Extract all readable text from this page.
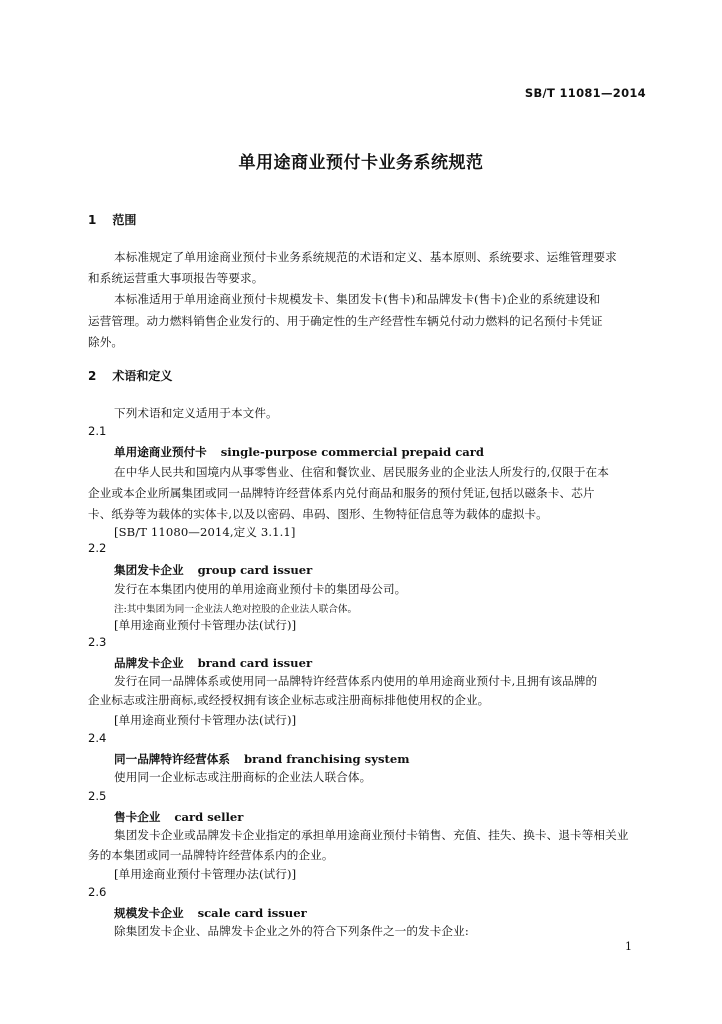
SB/T 11081—2014
单用途商业预付卡业务系统规范
1 范围
本标准规定了单用途商业预付卡业务系统规范的术语和定义、基本原则、系统要求、运维管理要求
和系统运营重大事项报告等要求。
本标准适用于单用途商业预付卡规模发卡、集团发卡(售卡)和品牌发卡(售卡)企业的系统建设和
运营管理。动力燃料销售企业发行的、用于确定性的生产经营性车辆兑付动力燃料的记名预付卡凭证
除外。
2 术语和定义
下列术语和定义适用于本文件。
2.1
单用途商业预付卡 single-purpose commercial prepaid card
在中华人民共和国境内从事零售业、住宿和餐饮业、居民服务业的企业法人所发行的,仅限于在本
企业或本企业所属集团或同一品牌特许经营体系内兑付商品和服务的预付凭证,包括以磁条卡、芯片
卡、纸券等为载体的实体卡,以及以密码、串码、图形、生物特征信息等为载体的虚拟卡。
[SB/T 11080—2014,定义 3.1.1]
2.2
集团发卡企业 group card issuer
发行在本集团内使用的单用途商业预付卡的集团母公司。
注:其中集团为同一企业法人绝对控股的企业法人联合体。
[单用途商业预付卡管理办法(试行)]
2.3
品牌发卡企业 brand card issuer
发行在同一品牌体系或使用同一品牌特许经营体系内使用的单用途商业预付卡,且拥有该品牌的
企业标志或注册商标,或经授权拥有该企业标志或注册商标排他使用权的企业。
[单用途商业预付卡管理办法(试行)]
2.4
同一品牌特许经营体系 brand franchising system
使用同一企业标志或注册商标的企业法人联合体。
2.5
售卡企业 card seller
集团发卡企业或品牌发卡企业指定的承担单用途商业预付卡销售、充值、挂失、换卡、退卡等相关业
务的本集团或同一品牌特许经营体系内的企业。
[单用途商业预付卡管理办法(试行)]
2.6
规模发卡企业 scale card issuer
除集团发卡企业、品牌发卡企业之外的符合下列条件之一的发卡企业:
1
